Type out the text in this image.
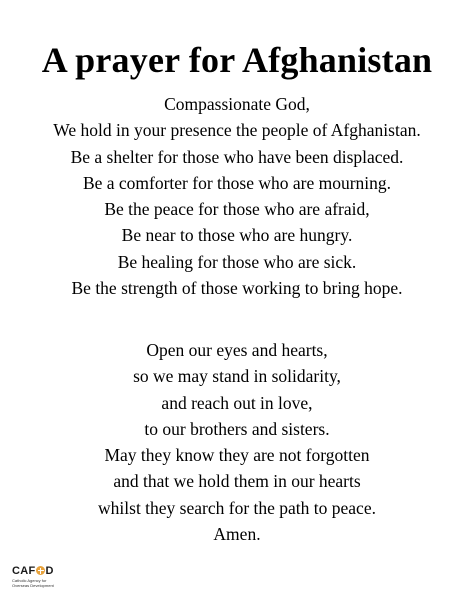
A prayer for Afghanistan
Compassionate God,
We hold in your presence the people of Afghanistan.
Be a shelter for those who have been displaced.
Be a comforter for those who are mourning.
Be the peace for those who are afraid,
Be near to those who are hungry.
Be healing for those who are sick.
Be the strength of those working to bring hope.
Open our eyes and hearts,
so we may stand in solidarity,
and reach out in love,
to our brothers and sisters.
May they know they are not forgotten
and that we hold them in our hearts
whilst they search for the path to peace.
Amen.
CAF D
Catholic Agency for
Overseas Development
